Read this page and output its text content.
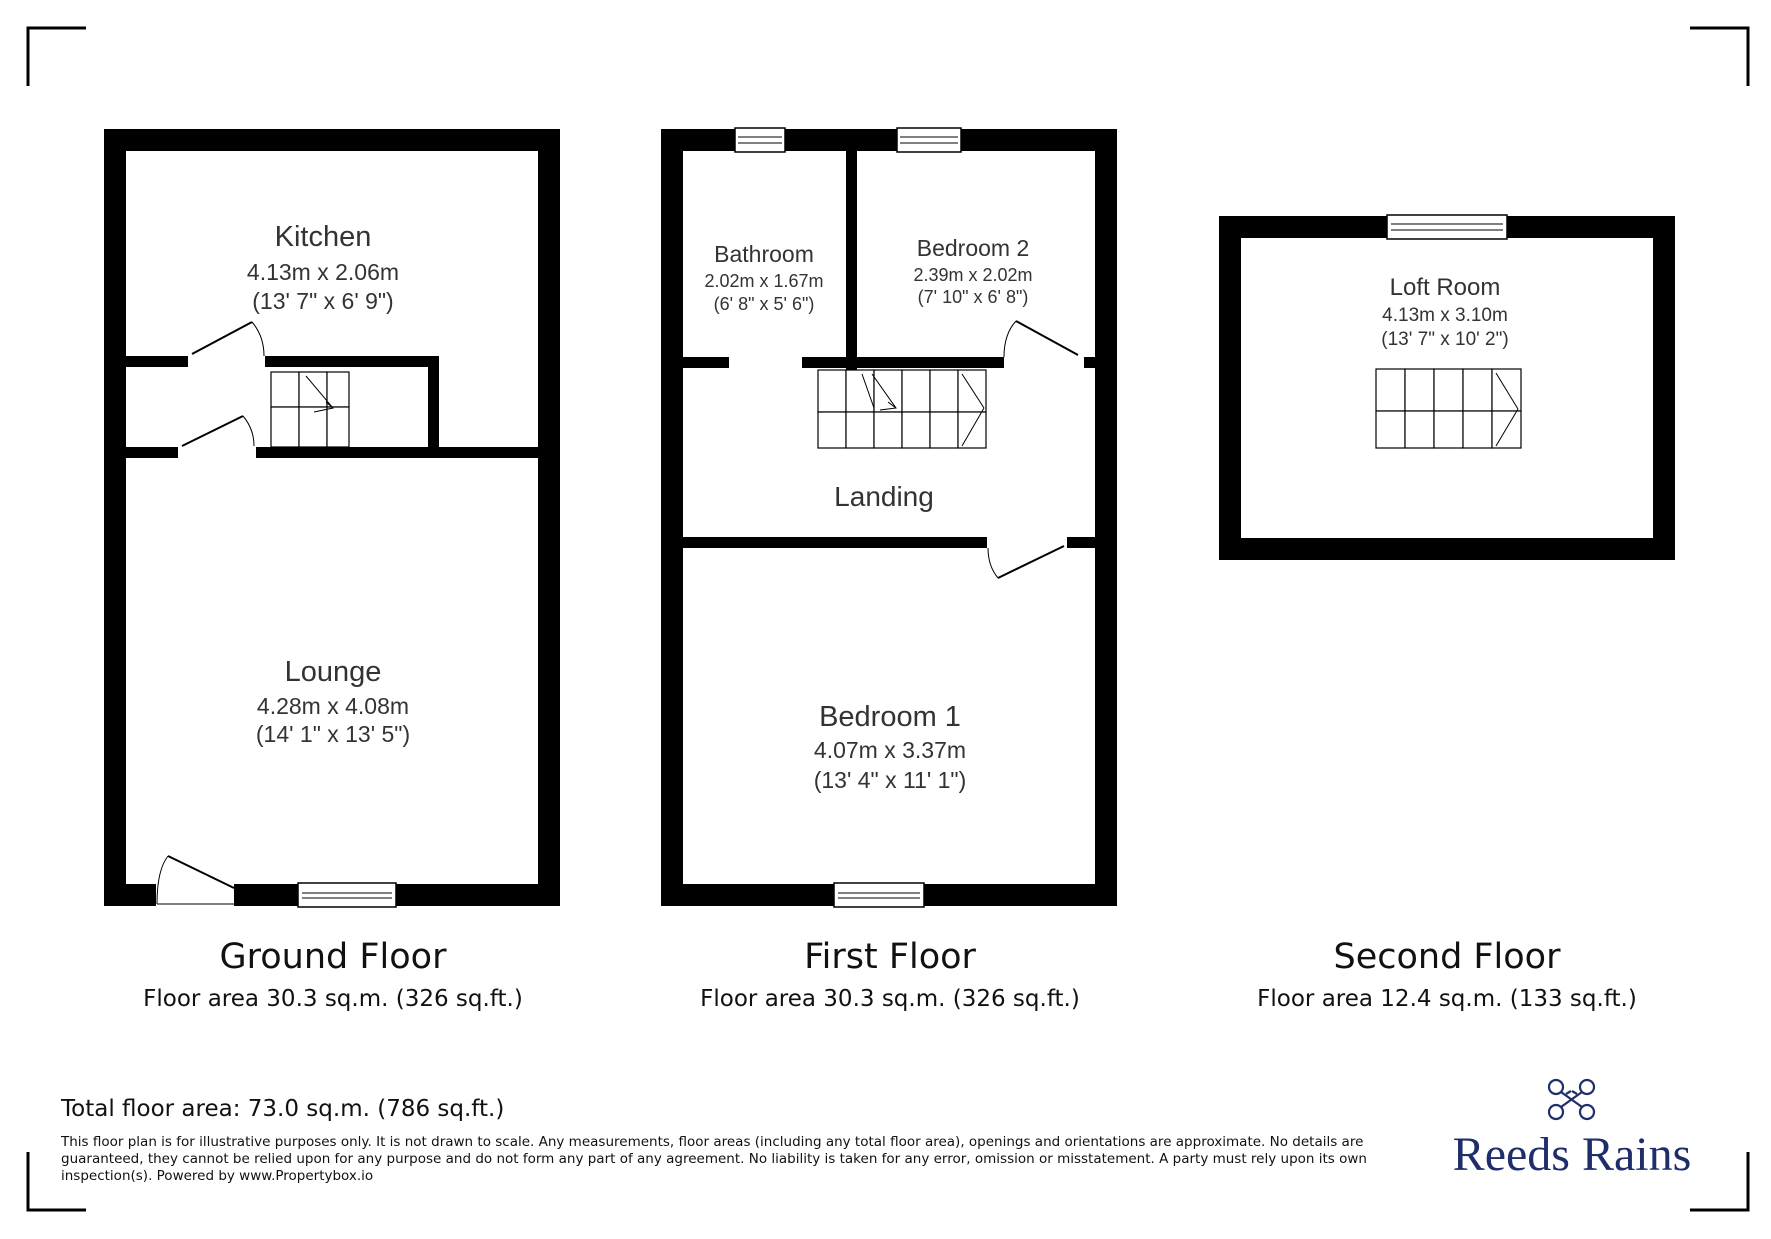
Kitchen
4.13m x 2.06m
(13' 7" x 6' 9")
Lounge
4.28m x 4.08m
(14' 1" x 13' 5")
Ground Floor
Floor area 30.3 sq.m. (326 sq.ft.)
Bathroom
2.02m x 1.67m
(6' 8" x 5' 6")
Bedroom 2
2.39m x 2.02m
(7' 10" x 6' 8")
Landing
Bedroom 1
4.07m x 3.37m
(13' 4" x 11' 1")
First Floor
Floor area 30.3 sq.m. (326 sq.ft.)
Loft Room
4.13m x 3.10m
(13' 7" x 10' 2")
Second Floor
Floor area 12.4 sq.m. (133 sq.ft.)
Total floor area: 73.0 sq.m. (786 sq.ft.)
Reeds Rains

This floor plan is for illustrative purposes only. It is not drawn to scale. Any measurements, floor areas (including any total floor area), openings and orientations are approximate. No details are guaranteed, they cannot be relied upon for any purpose and do not form any part of any agreement. No liability is taken for any error, omission or misstatement. A party must rely upon its own inspection(s). Powered by www.Propertybox.io
